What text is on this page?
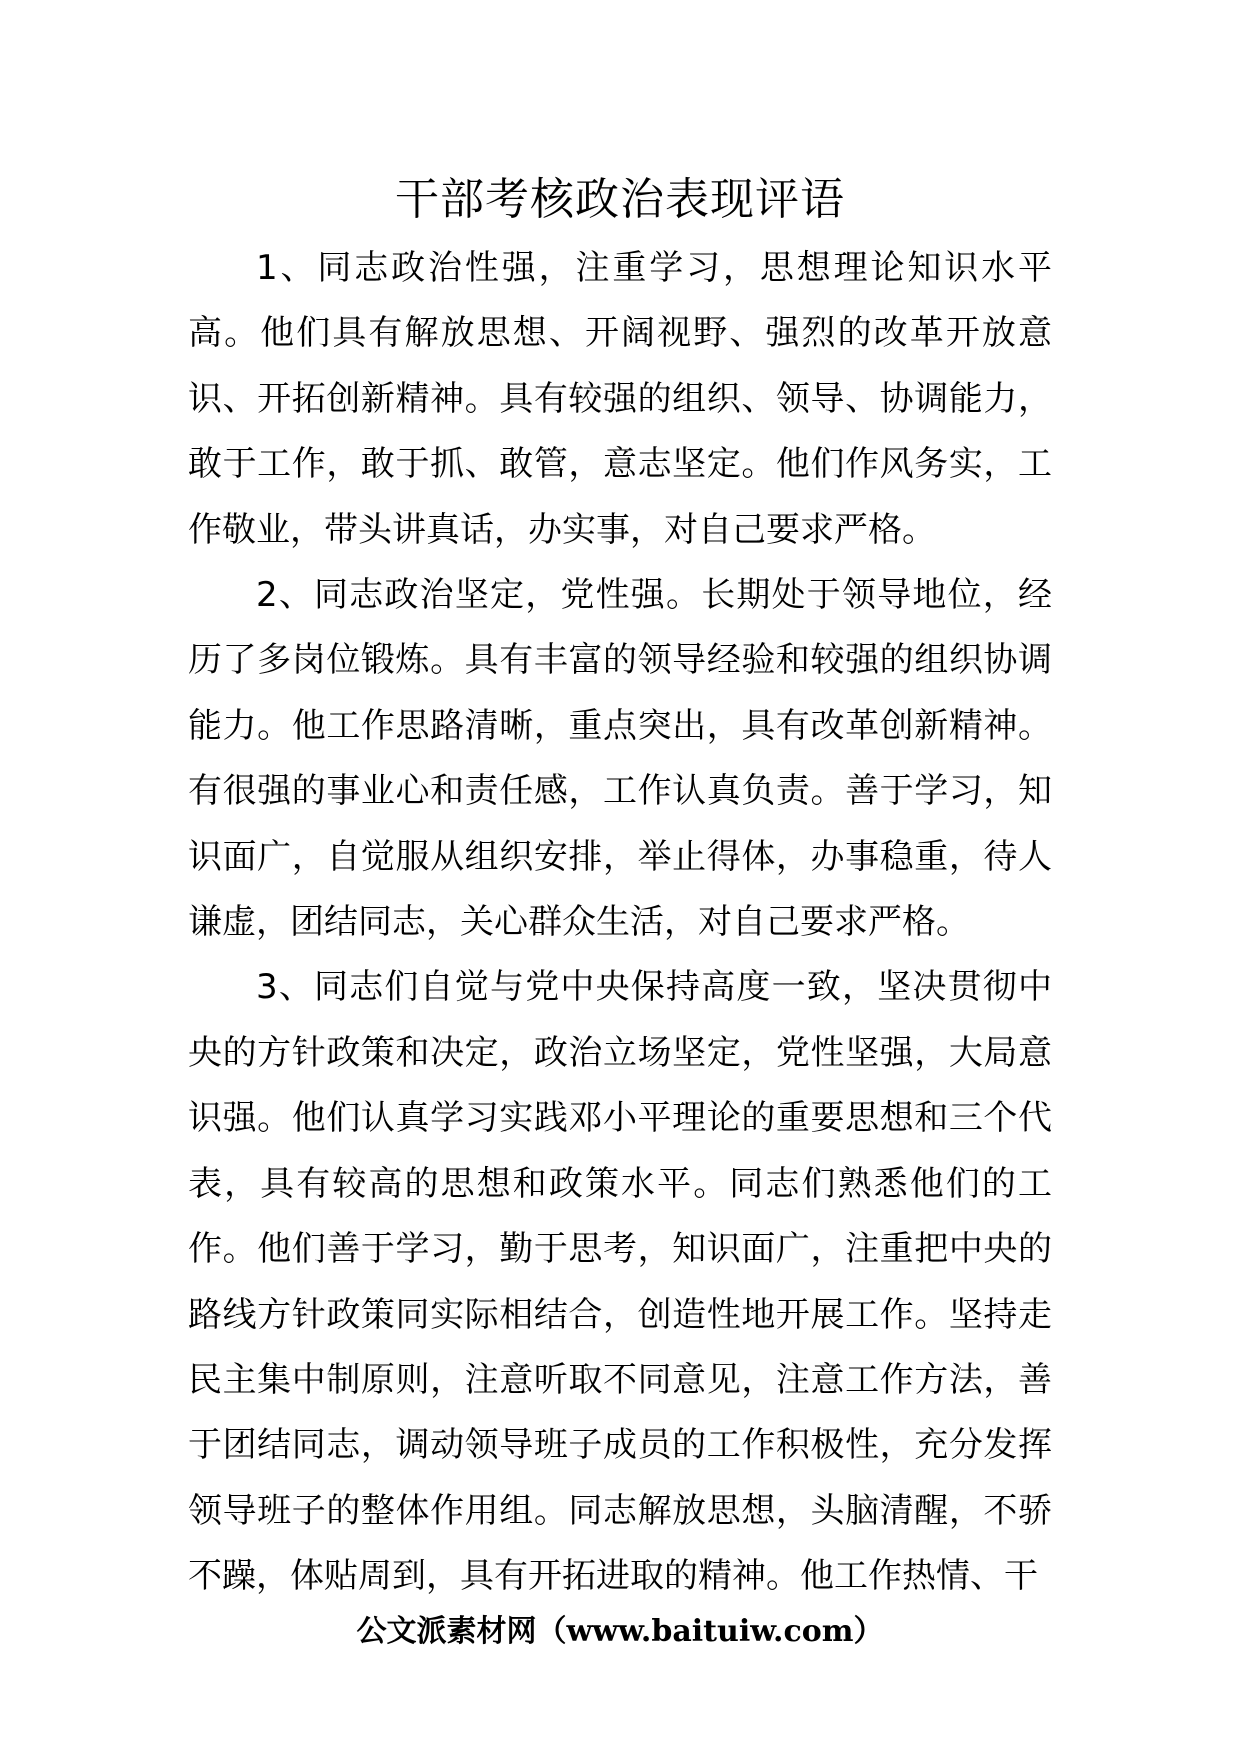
干部考核政治表现评语

1、同志政治性强，注重学习，思想理论知识水平高。他们具有解放思想、开阔视野、强烈的改革开放意识、开拓创新精神。具有较强的组织、领导、协调能力，敢于工作，敢于抓、敢管，意志坚定。他们作风务实，工作敬业，带头讲真话，办实事，对自己要求严格。

2、同志政治坚定，党性强。长期处于领导地位，经历了多岗位锻炼。具有丰富的领导经验和较强的组织协调能力。他工作思路清晰，重点突出，具有改革创新精神。有很强的事业心和责任感，工作认真负责。善于学习，知识面广，自觉服从组织安排，举止得体，办事稳重，待人谦虚，团结同志，关心群众生活，对自己要求严格。

3、同志们自觉与党中央保持高度一致，坚决贯彻中央的方针政策和决定，政治立场坚定，党性坚强，大局意识强。他们认真学习实践邓小平理论的重要思想和三个代表，具有较高的思想和政策水平。同志们熟悉他们的工作。他们善于学习，勤于思考，知识面广，注重把中央的路线方针政策同实际相结合，创造性地开展工作。坚持走民主集中制原则，注意听取不同意见，注意工作方法，善于团结同志，调动领导班子成员的工作积极性，充分发挥领导班子的整体作用组。同志解放思想，头脑清醒，不骄不躁，体贴周到，具有开拓进取的精神。他工作热情、干

公文派素材网（www.baituiw.com）
